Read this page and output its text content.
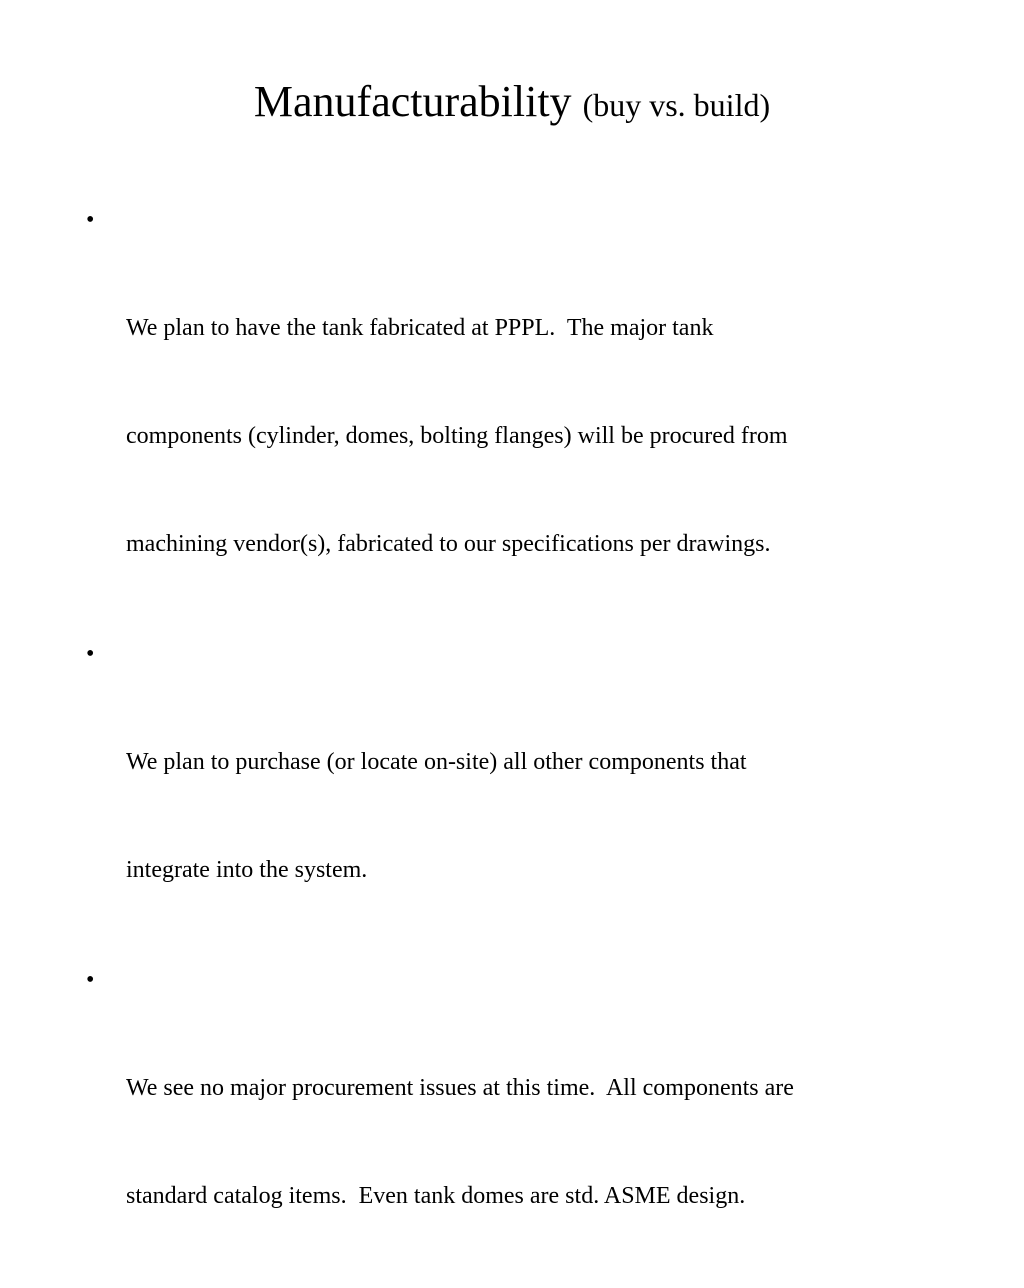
Manufacturability (buy vs. build)

•

We plan to have the tank fabricated at PPPL.  The major tank

components (cylinder, domes, bolting flanges) will be procured from

machining vendor(s), fabricated to our specifications per drawings.

•

We plan to purchase (or locate on-site) all other components that

integrate into the system.

•

We see no major procurement issues at this time.  All components are

standard catalog items.  Even tank domes are std. ASME design.
